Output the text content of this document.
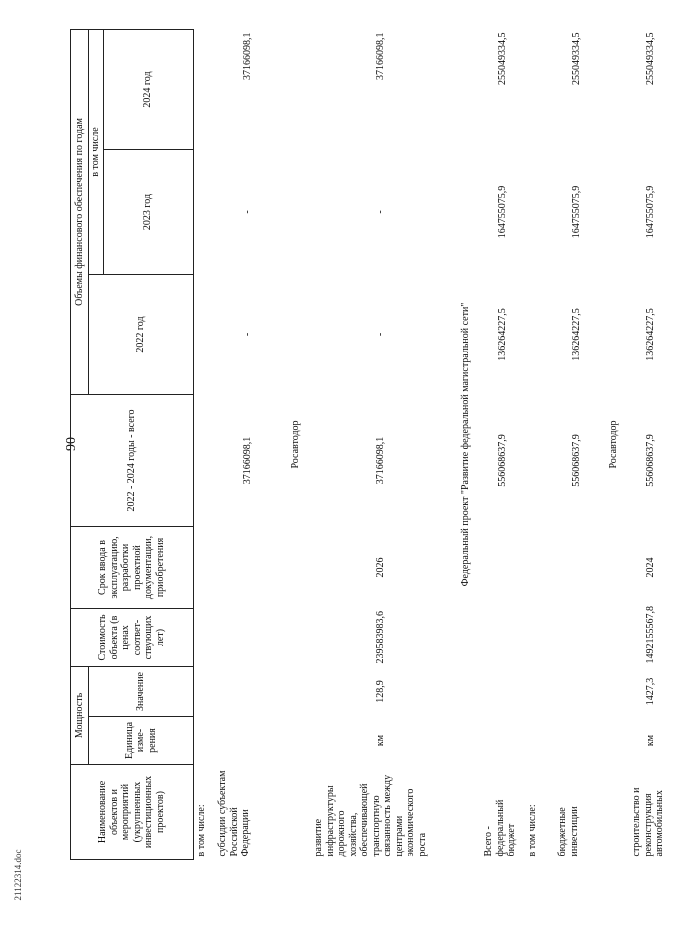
90
Наименование объектов и мероприятий (укрупненных инвестиционных проектов)	Мощность		Стоимость объекта (в ценах соответ-ствующих лет)	Срок ввода в эксплуатацию, разработки проектной документации, приобретения	2022 - 2024 годы - всего	Объемы финансового обеспечения по годам		
	Единица изме-рения	Значение				2022 год	в том числе	
							2023 год	2024 год
в том числе:								
субсидии субъектам Российской Федерации					37166098,1	-	-	37166098,1
Росавтодор								
развитие инфраструктуры дорожного хозяйства, обеспечивающей транспортную связанность между центрами экономического роста	км	128,9	239583983,6	2026	37166098,1	-	-	37166098,1
Федеральный проект "Развитие федеральной магистральной сети"								
Всего - федеральный бюджет					556068637,9	136264227,5	164755075,9	255049334,5
в том числе:								
бюджетные инвестиции					556068637,9	136264227,5	164755075,9	255049334,5
Росавтодор								
строительство и реконструкция автомобильных	км	1427,3	1492155567,8	2024	556068637,9	136264227,5	164755075,9	255049334,5
21122314.doc
